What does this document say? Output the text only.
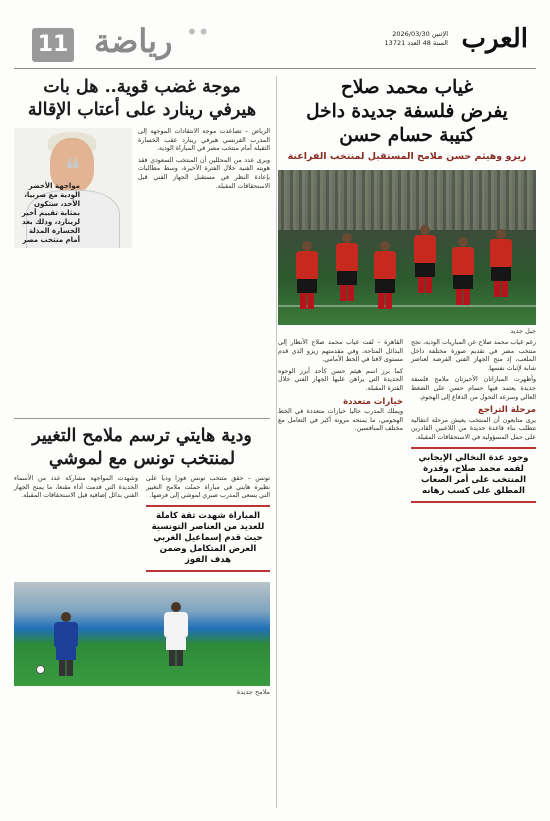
العرب
الإثنين 2026/03/30
السنة 48 العدد 13721
••
رياضة
11
غياب محمد صلاح
يفرض فلسفة جديدة داخل
كتيبة حسام حسن
زيزو وهيثم حسن ملامح المستقبل لمنتخب الفراعنة
جيل جديد

رغم غياب محمد صلاح عن المباريات الودية، نجح منتخب مصر في تقديم صورة مختلفة داخل الملعب، إذ منح الجهاز الفني الفرصة لعناصر شابة لإثبات نفسها.

وأظهرت المباراتان الأخيرتان ملامح فلسفة جديدة يعتمد فيها حسام حسن على الضغط العالي وسرعة التحول من الدفاع إلى الهجوم.

مرحلة التراجع

يرى متابعون أن المنتخب يعيش مرحلة انتقالية تتطلب بناء قاعدة جديدة من اللاعبين القادرين على حمل المسؤولية في الاستحقاقات المقبلة.

وجود عدة النخالي الإيجابي لقمه محمد صلاح، وقدرة المنتخب على أمر الصعاب المطلق على كسب رهانه

القاهرة – لفت غياب محمد صلاح الأنظار إلى البدائل المتاحة، وفي مقدمتهم زيزو الذي قدم مستوى لافتا في الخط الأمامي.

كما برز اسم هيثم حسن كأحد أبرز الوجوه الجديدة التي يراهن عليها الجهاز الفني خلال الفترة المقبلة.

خيارات متعددة

ويملك المدرب حاليا خيارات متعددة في الخط الهجومي، ما يمنحه مرونة أكبر في التعامل مع مختلف المنافسين.

موجة غضب قوية.. هل بات
هيرفي رينارد على أعتاب الإقالة

الرياض – تصاعدت موجة الانتقادات الموجهة إلى المدرب الفرنسي هيرفي رينارد عقب الخسارة الثقيلة أمام منتخب مصر في المباراة الودية.

ويرى عدد من المحللين أن المنتخب السعودي فقد هويته الفنية خلال الفترة الأخيرة، وسط مطالبات بإعادة النظر في مستقبل الجهاز الفني قبل الاستحقاقات المقبلة.

❝
مواجهة الأخضر الودية مع صربيا، الأحد، ستكون بمثابة تقييم أخير لرينارد، وذلك بعد الخسارة المذلة أمام منتخب مصر
ودية هايتي ترسم ملامح التغيير
لمنتخب تونس مع لموشي

تونس – حقق منتخب تونس فوزا وديا على نظيره هايتي في مباراة حملت ملامح التغيير التي يسعى المدرب صبري لموشي إلى فرضها.

المباراة شهدت ثقة كاملة للعديد من العناصر التونسية حيث قدم إسماعيل الغربي العرض المتكامل وضمن هدف الفوز

وشهدت المواجهة مشاركة عدد من الأسماء الجديدة التي قدمت أداء مقنعا، ما يمنح الجهاز الفني بدائل إضافية قبل الاستحقاقات المقبلة.

ملامح جديدة
